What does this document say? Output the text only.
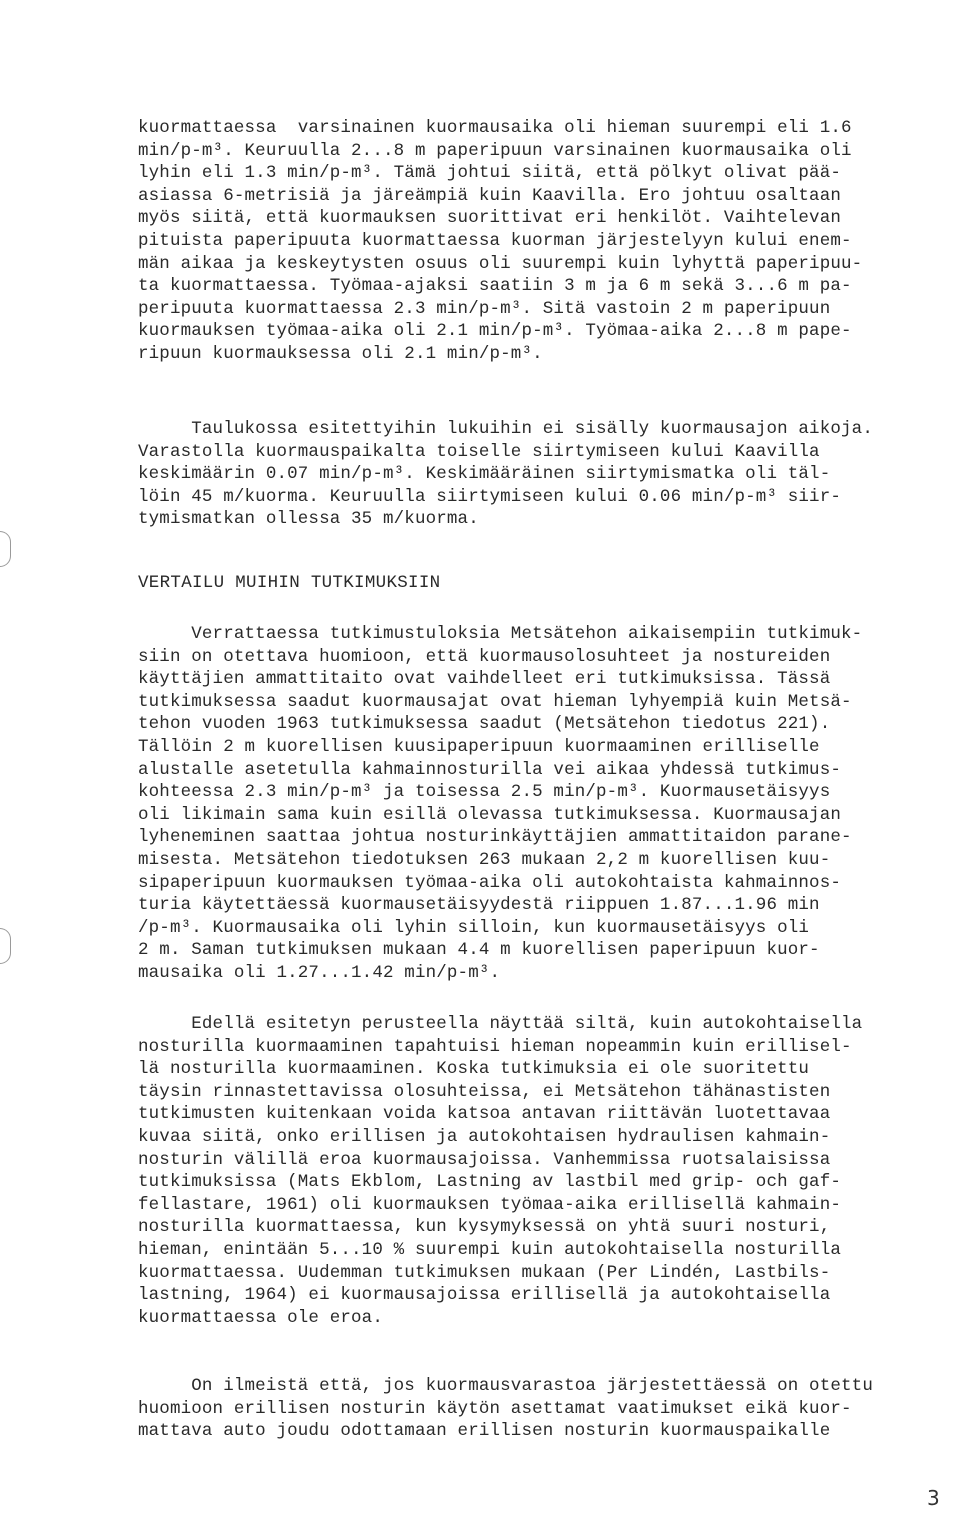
kuormattaessa  varsinainen kuormausaika oli hieman suurempi eli 1.6
min/p-m³. Keuruulla 2...8 m paperipuun varsinainen kuormausaika oli
lyhin eli 1.3 min/p-m³. Tämä johtui siitä, että pölkyt olivat pää-
asiassa 6-metrisiä ja järeämpiä kuin Kaavilla. Ero johtuu osaltaan
myös siitä, että kuormauksen suorittivat eri henkilöt. Vaihtelevan
pituista paperipuuta kuormattaessa kuorman järjestelyyn kului enem-
män aikaa ja keskeytysten osuus oli suurempi kuin lyhyttä paperipuu-
ta kuormattaessa. Työmaa-ajaksi saatiin 3 m ja 6 m sekä 3...6 m pa-
peripuuta kuormattaessa 2.3 min/p-m³. Sitä vastoin 2 m paperipuun
kuormauksen työmaa-aika oli 2.1 min/p-m³. Työmaa-aika 2...8 m pape-
ripuun kuormauksessa oli 2.1 min/p-m³.
Taulukossa esitettyihin lukuihin ei sisälly kuormausajon aikoja.
Varastolla kuormauspaikalta toiselle siirtymiseen kului Kaavilla
keskimäärin 0.07 min/p-m³. Keskimääräinen siirtymismatka oli täl-
löin 45 m/kuorma. Keuruulla siirtymiseen kului 0.06 min/p-m³ siir-
tymismatkan ollessa 35 m/kuorma.
VERTAILU MUIHIN TUTKIMUKSIIN
Verrattaessa tutkimustuloksia Metsätehon aikaisempiin tutkimuk-
siin on otettava huomioon, että kuormausolosuhteet ja nostureiden
käyttäjien ammattitaito ovat vaihdelleet eri tutkimuksissa. Tässä
tutkimuksessa saadut kuormausajat ovat hieman lyhyempiä kuin Metsä-
tehon vuoden 1963 tutkimuksessa saadut (Metsätehon tiedotus 221).
Tällöin 2 m kuorellisen kuusipaperipuun kuormaaminen erilliselle
alustalle asetetulla kahmainnosturilla vei aikaa yhdessä tutkimus-
kohteessa 2.3 min/p-m³ ja toisessa 2.5 min/p-m³. Kuormausetäisyys
oli likimain sama kuin esillä olevassa tutkimuksessa. Kuormausajan
lyheneminen saattaa johtua nosturinkäyttäjien ammattitaidon parane-
misesta. Metsätehon tiedotuksen 263 mukaan 2,2 m kuorellisen kuu-
sipaperipuun kuormauksen työmaa-aika oli autokohtaista kahmainnos-
turia käytettäessä kuormausetäisyydestä riippuen 1.87...1.96 min
/p-m³. Kuormausaika oli lyhin silloin, kun kuormausetäisyys oli
2 m. Saman tutkimuksen mukaan 4.4 m kuorellisen paperipuun kuor-
mausaika oli 1.27...1.42 min/p-m³.
Edellä esitetyn perusteella näyttää siltä, kuin autokohtaisella
nosturilla kuormaaminen tapahtuisi hieman nopeammin kuin erillisel-
lä nosturilla kuormaaminen. Koska tutkimuksia ei ole suoritettu
täysin rinnastettavissa olosuhteissa, ei Metsätehon tähänastisten
tutkimusten kuitenkaan voida katsoa antavan riittävän luotettavaa
kuvaa siitä, onko erillisen ja autokohtaisen hydraulisen kahmain-
nosturin välillä eroa kuormausajoissa. Vanhemmissa ruotsalaisissa
tutkimuksissa (Mats Ekblom, Lastning av lastbil med grip- och gaf-
fellastare, 1961) oli kuormauksen työmaa-aika erillisellä kahmain-
nosturilla kuormattaessa, kun kysymyksessä on yhtä suuri nosturi,
hieman, enintään 5...10 % suurempi kuin autokohtaisella nosturilla
kuormattaessa. Uudemman tutkimuksen mukaan (Per Lindén, Lastbils-
lastning, 1964) ei kuormausajoissa erillisellä ja autokohtaisella
kuormattaessa ole eroa.
On ilmeistä että, jos kuormausvarastoa järjestettäessä on otettu
huomioon erillisen nosturin käytön asettamat vaatimukset eikä kuor-
mattava auto joudu odottamaan erillisen nosturin kuormauspaikalle
3
